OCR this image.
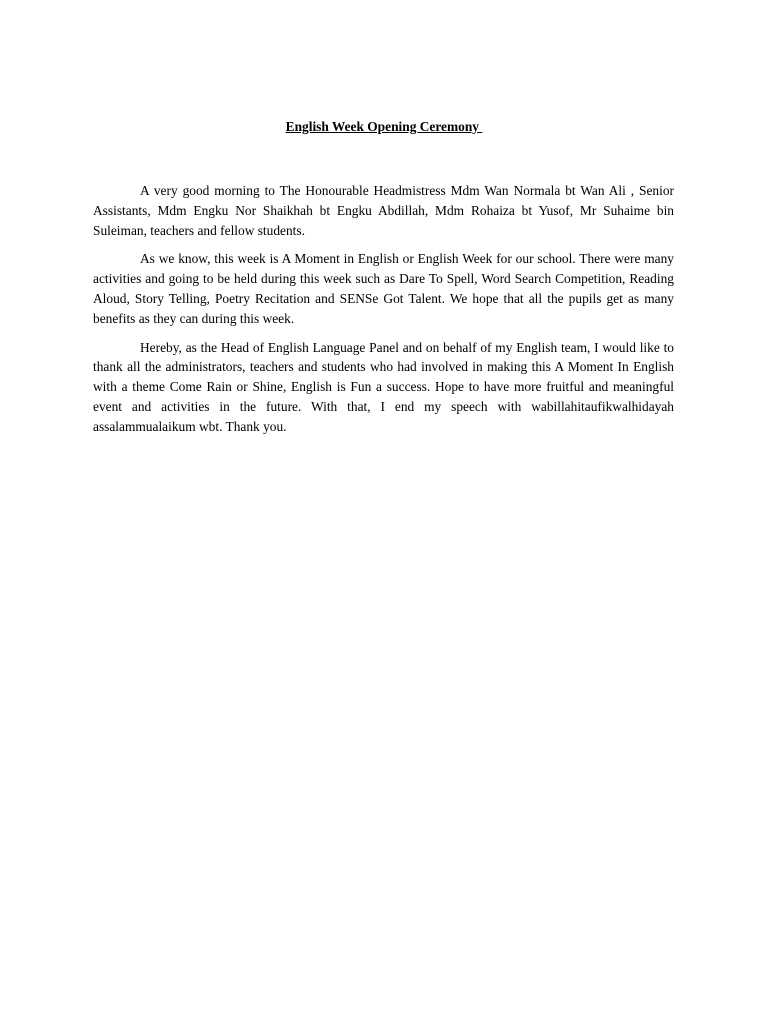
English Week Opening Ceremony

A very good morning to The Honourable Headmistress Mdm Wan Normala bt Wan Ali , Senior Assistants, Mdm Engku Nor Shaikhah bt Engku Abdillah, Mdm Rohaiza bt Yusof, Mr Suhaime bin Suleiman, teachers and fellow students.

As we know, this week is A Moment in English or English Week for our school. There were many activities and going to be held during this week such as Dare To Spell, Word Search Competition, Reading Aloud, Story Telling, Poetry Recitation and SENSe Got Talent. We hope that all the pupils get as many benefits as they can during this week.

Hereby, as the Head of English Language Panel and on behalf of my English team, I would like to thank all the administrators, teachers and students who had involved in making this A Moment In English with a theme Come Rain or Shine, English is Fun a success. Hope to have more fruitful and meaningful event and activities in the future. With that, I end my speech with wabillahitaufikwalhidayah assalammualaikum wbt. Thank you.
